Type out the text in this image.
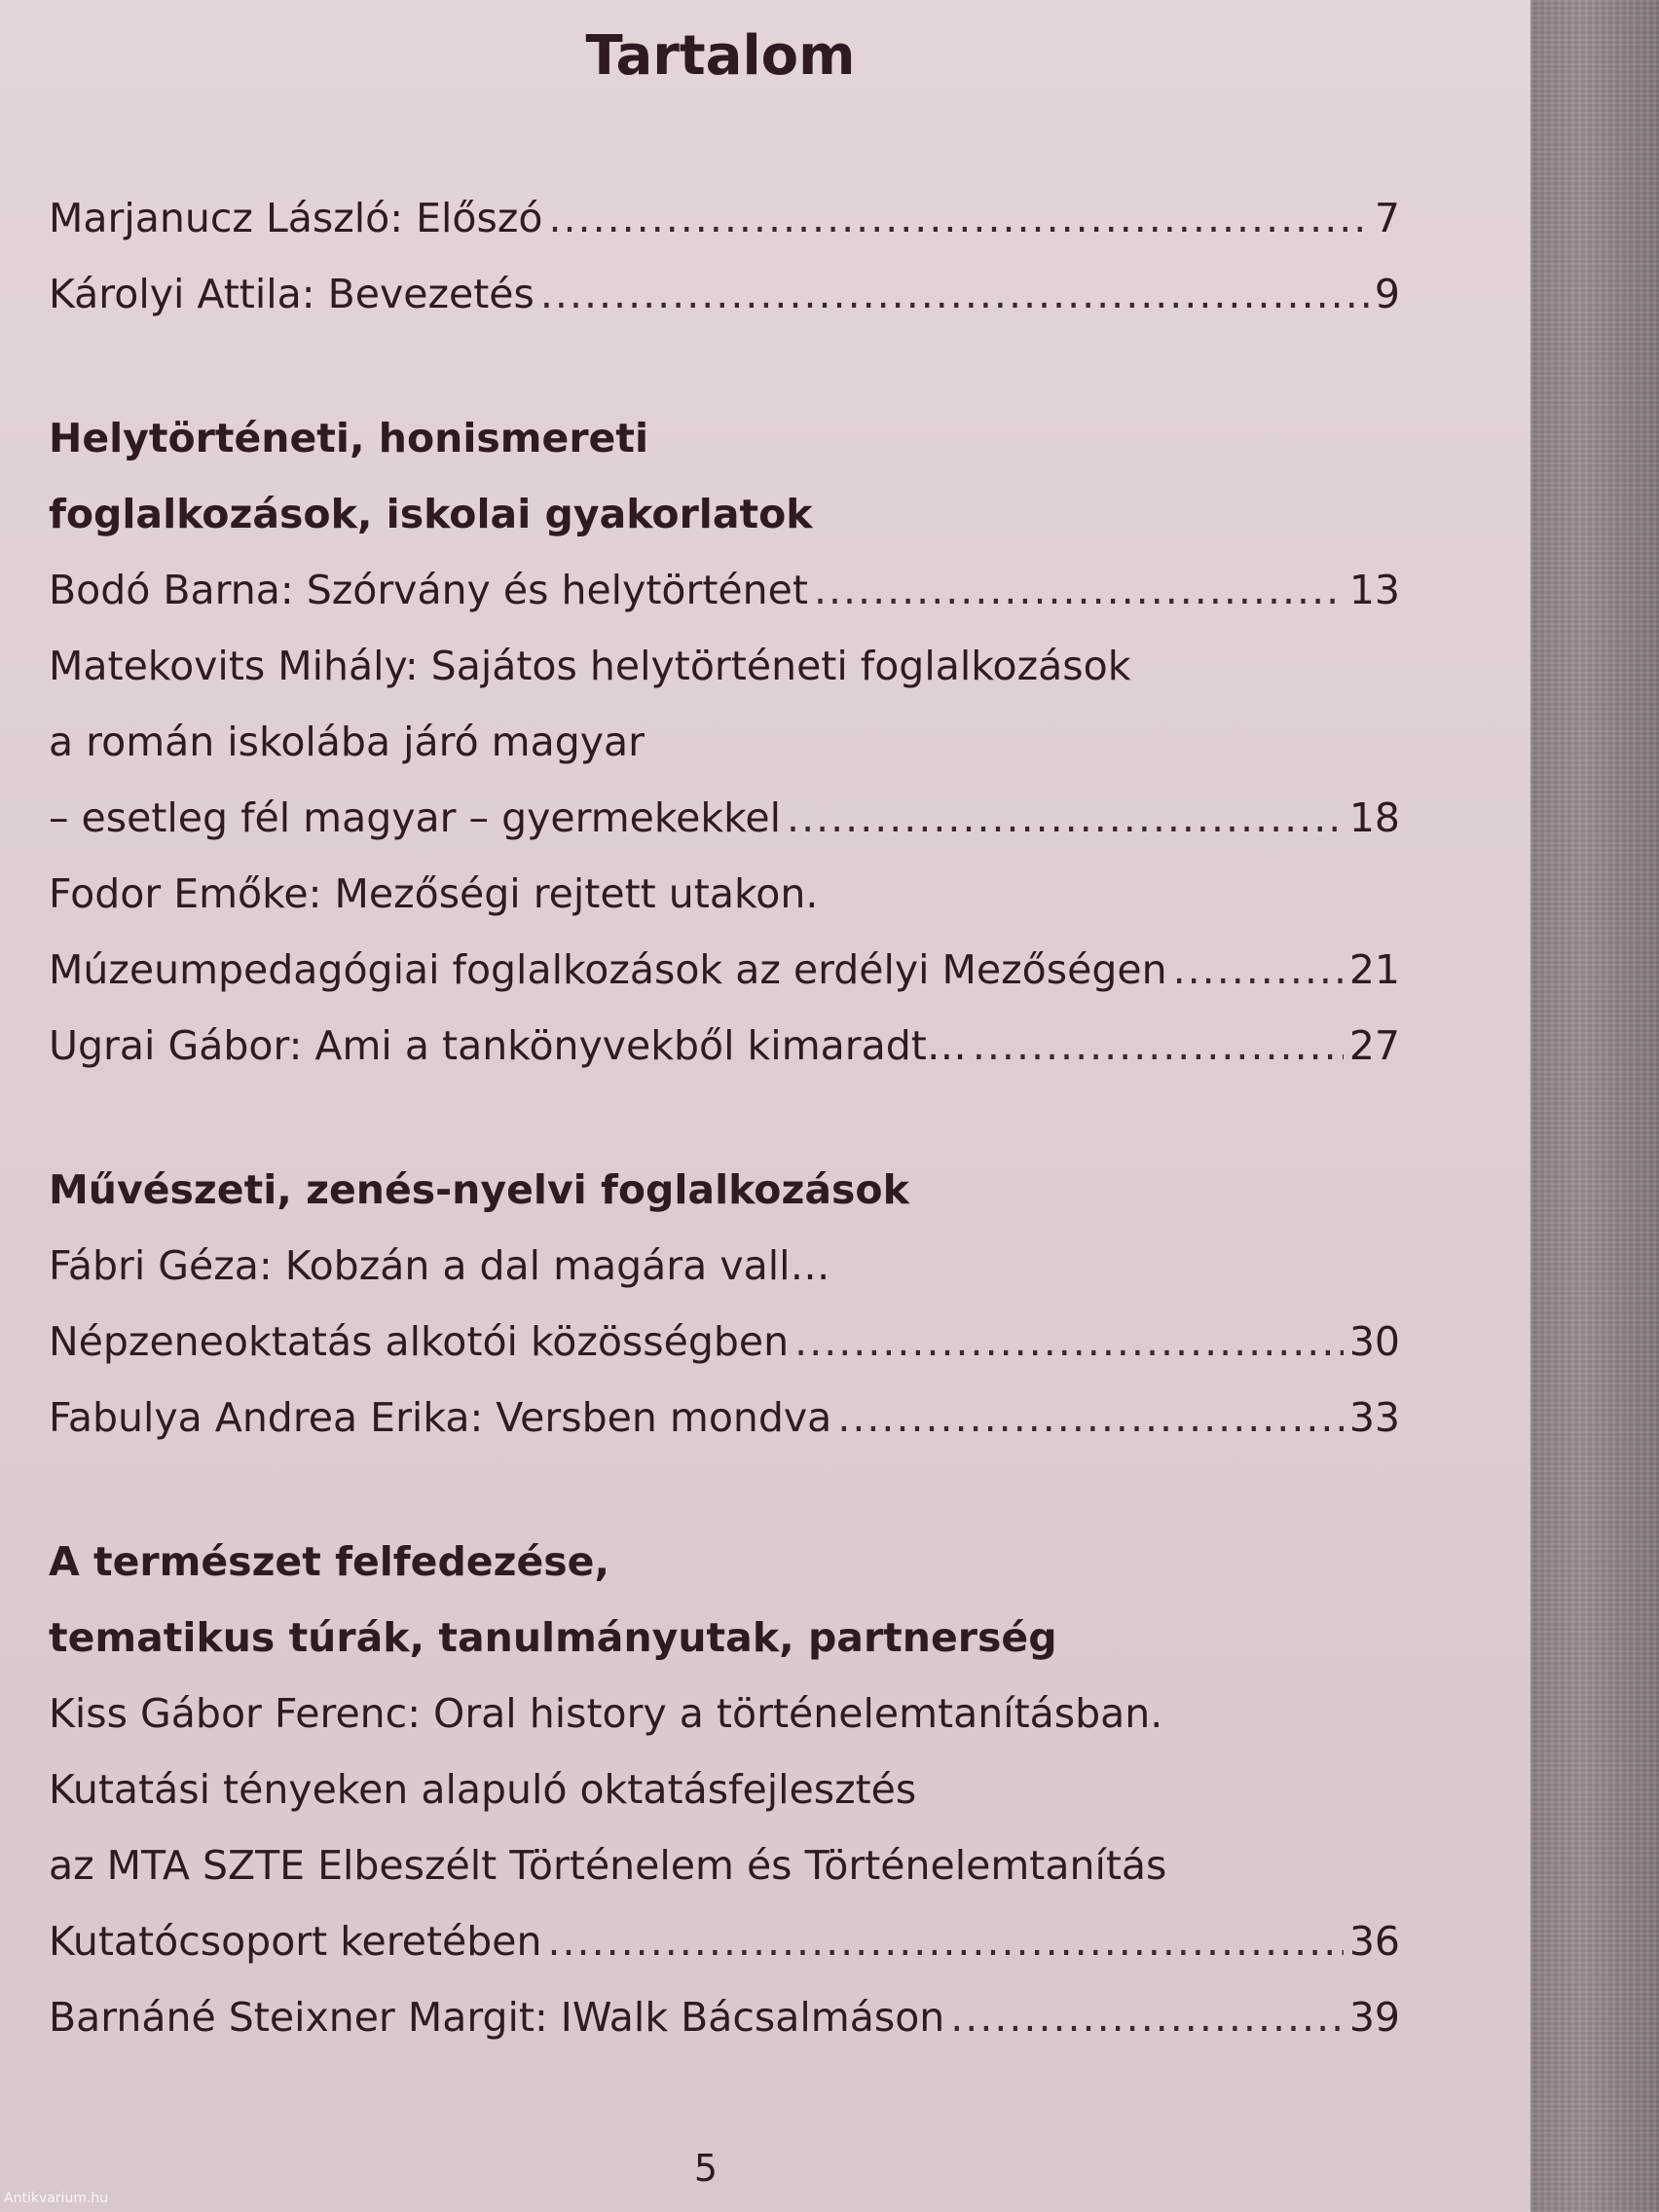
Tartalom
Marjanucz László: Előszó .....	7
Károlyi Attila: Bevezetés .....	9
Helytörténeti, honismereti
foglalkozások, iskolai gyakorlatok
Bodó Barna: Szórvány és helytörténet .....	13
Matekovits Mihály: Sajátos helytörténeti foglalkozások
a román iskolába járó magyar
– esetleg fél magyar – gyermekekkel .....	18
Fodor Emőke: Mezőségi rejtett utakon.
Múzeumpedagógiai foglalkozások az erdélyi Mezőségen .....	21
Ugrai Gábor: Ami a tankönyvekből kimaradt… .....	27
Művészeti, zenés-nyelvi foglalkozások
Fábri Géza: Kobzán a dal magára vall…
Népzeneoktatás alkotói közösségben .....	30
Fabulya Andrea Erika: Versben mondva .....	33
A természet felfedezése,
tematikus túrák, tanulmányutak, partnerség
Kiss Gábor Ferenc: Oral history a történelemtanításban.
Kutatási tényeken alapuló oktatásfejlesztés
az MTA SZTE Elbeszélt Történelem és Történelemtanítás
Kutatócsoport keretében .....	36
Barnáné Steixner Margit: IWalk Bácsalmáson .....	39
5
Antikvarium.hu
